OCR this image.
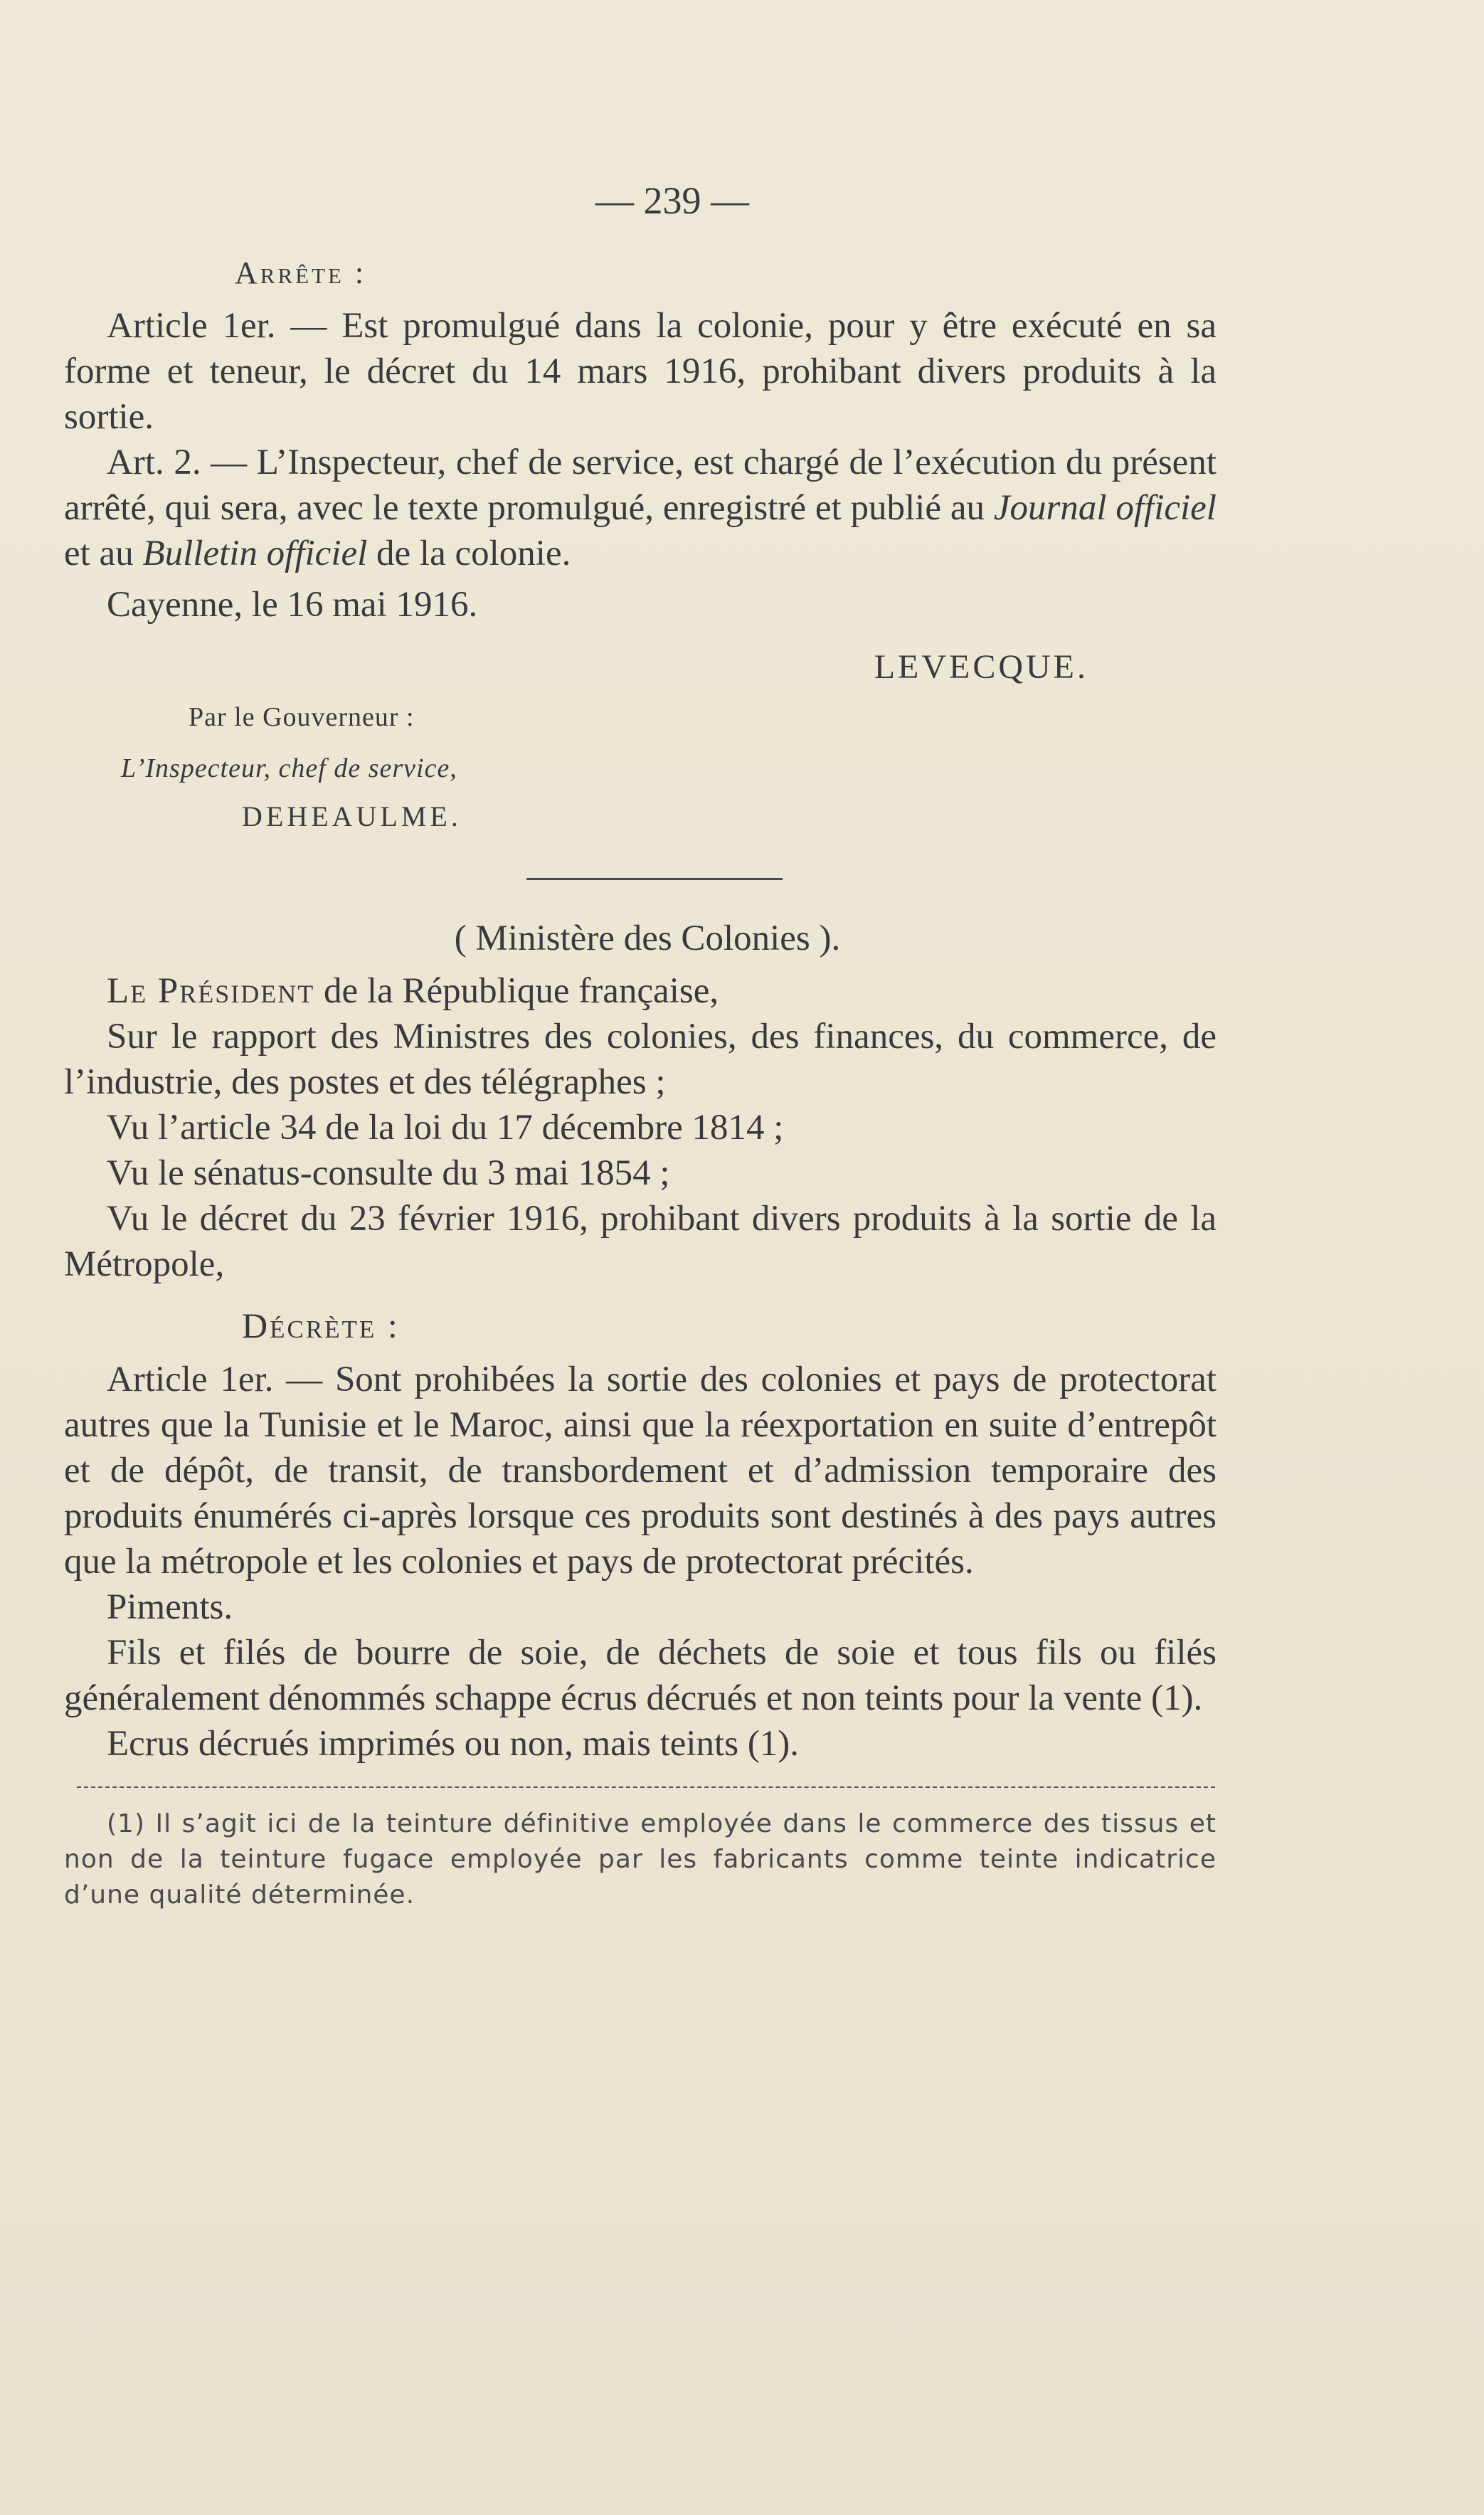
— 239 —
Arrête :

Article 1er. — Est promulgué dans la colonie, pour y être exécuté en sa forme et teneur, le décret du 14 mars 1916, prohibant divers produits à la sortie.

Art. 2. — L’Inspecteur, chef de service, est chargé de l’exécution du présent arrêté, qui sera, avec le texte promulgué, enregistré et publié au Journal officiel et au Bulletin officiel de la colonie.

Cayenne, le 16 mai 1916.

LEVECQUE.
Par le Gouverneur :
L’Inspecteur, chef de service,
DEHEAULME.
( Ministère des Colonies ).

Le Président de la République française,

Sur le rapport des Ministres des colonies, des finances, du commerce, de l’industrie, des postes et des télégraphes ;

Vu l’article 34 de la loi du 17 décembre 1814 ;

Vu le sénatus-consulte du 3 mai 1854 ;

Vu le décret du 23 février 1916, prohibant divers produits à la sortie de la Métropole,

Décrète :

Article 1er. — Sont prohibées la sortie des colonies et pays de protectorat autres que la Tunisie et le Maroc, ainsi que la réexportation en suite d’entrepôt et de dépôt, de transit, de transbordement et d’admission temporaire des produits énumérés ci-après lorsque ces produits sont destinés à des pays autres que la métropole et les colonies et pays de protectorat précités.

Piments.

Fils et filés de bourre de soie, de déchets de soie et tous fils ou filés généralement dénommés schappe écrus décrués et non teints pour la vente (1).

Ecrus décrués imprimés ou non, mais teints (1).

(1) Il s’agit ici de la teinture définitive employée dans le commerce des tissus et non de la teinture fugace employée par les fabricants comme teinte indicatrice d’une qualité déterminée.
